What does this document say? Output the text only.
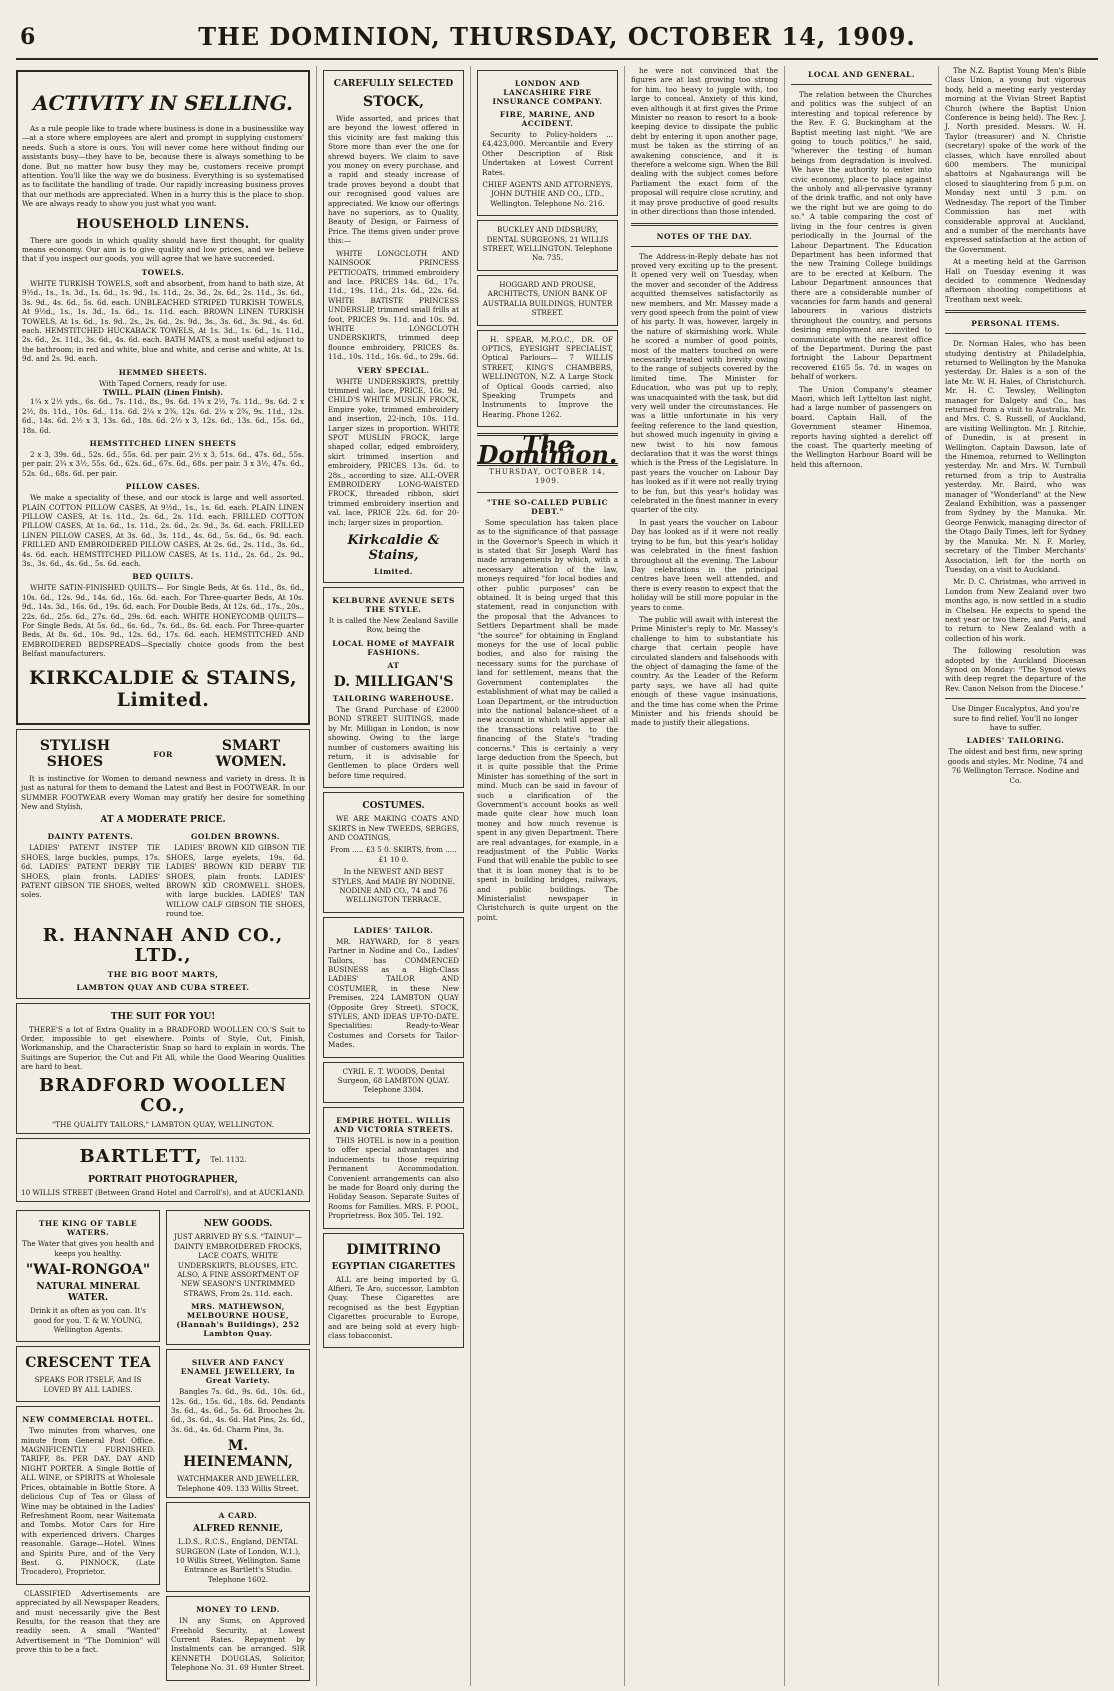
6	THE DOMINION, THURSDAY, OCTOBER 14, 1909.
ACTIVITY IN SELLING.

As a rule people like to trade where business is done in a businesslike way—at a store where employees are alert and prompt in supplying customers' needs. Such a store is ours. You will never come here without finding our assistants busy—they have to be, because there is always something to be done. But no matter how busy they may be, customers receive prompt attention. You'll like the way we do business. Everything is so systematised as to facilitate the handling of trade. Our rapidly increasing business proves that our methods are appreciated. When in a hurry this is the place to shop. We are always ready to show you just what you want.

HOUSEHOLD LINENS.

There are goods in which quality should have first thought, for quality means economy. Our aim is to give quality and low prices, and we believe that if you inspect our goods, you will agree that we have succeeded.

TOWELS.

WHITE TURKISH TOWELS, soft and absorbent, from hand to bath size, At 9½d., 1s., 1s. 3d., 1s. 6d., 1s. 9d., 1s. 11d., 2s. 3d., 2s. 6d., 2s. 11d., 3s. 6d., 3s. 9d., 4s. 6d., 5s. 6d. each. UNBLEACHED STRIPED TURKISH TOWELS, At 9½d., 1s., 1s. 3d., 1s. 6d., 1s. 11d. each. BROWN LINEN TURKISH TOWELS, At 1s. 6d., 1s. 9d., 2s., 2s. 6d., 2s. 9d., 3s., 3s. 6d., 3s. 9d., 4s. 6d. each. HEMSTITCHED HUCKABACK TOWELS, At 1s. 3d., 1s. 6d., 1s. 11d., 2s. 6d., 2s. 11d., 3s. 6d., 4s. 6d. each. BATH MATS, a most useful adjunct to the bathroom; in red and white, blue and white, and cerise and white, At 1s. 9d. and 2s. 9d. each.

HEMMED SHEETS.
With Taped Corners, ready for use.
TWILL. PLAIN (Linen Finish).

1¼ x 2½ yds., 6s. 6d., 7s. 11d., 8s., 9s. 6d. 1¾ x 2½, 7s. 11d., 9s. 6d. 2 x 2½, 8s. 11d., 10s. 6d., 11s. 6d. 2¼ x 2¾, 12s. 6d. 2¼ x 2¾, 9s. 11d., 12s. 6d., 14s. 6d. 2½ x 3, 13s. 6d., 18s. 6d. 2½ x 3, 12s. 6d., 13s. 6d., 15s. 6d., 18s. 6d.

HEMSTITCHED LINEN SHEETS

2 x 3, 39s. 6d., 52s. 6d., 55s. 6d. per pair. 2½ x 3, 51s. 6d., 47s. 6d., 55s. per pair. 2¼ x 3½, 55s. 6d., 62s. 6d., 67s. 6d., 68s. per pair. 3 x 3½, 47s. 6d., 52s. 6d., 68s. 6d. per pair.

PILLOW CASES.

We make a speciality of these, and our stock is large and well assorted. PLAIN COTTON PILLOW CASES, At 9½d., 1s., 1s. 6d. each. PLAIN LINEN PILLOW CASES, At 1s. 11d., 2s. 6d., 2s. 11d. each. FRILLED COTTON PILLOW CASES, At 1s. 6d., 1s. 11d., 2s. 6d., 2s. 9d., 3s. 6d. each. FRILLED LINEN PILLOW CASES, At 3s. 6d., 3s. 11d., 4s. 6d., 5s. 6d., 6s. 9d. each. FRILLED AND EMBROIDERED PILLOW CASES, At 2s. 6d., 2s. 11d., 3s. 6d., 4s. 6d. each. HEMSTITCHED PILLOW CASES, At 1s. 11d., 2s. 6d., 2s. 9d., 3s., 3s. 6d., 4s. 6d., 5s. 6d. each.

BED QUILTS.

WHITE SATIN-FINISHED QUILTS— For Single Beds, At 6s. 11d., 8s. 6d., 10s. 6d., 12s. 9d., 14s. 6d., 16s. 6d. each. For Three-quarter Beds, At 10s. 9d., 14s. 3d., 16s. 6d., 19s. 6d. each. For Double Beds, At 12s. 6d., 17s., 20s., 22s. 6d., 25s. 6d., 27s. 6d., 29s. 6d. each. WHITE HONEYCOMB QUILTS— For Single Beds, At 5s. 6d., 6s. 6d., 7s. 6d., 8s. 6d. each. For Three-quarter Beds, At 8s. 6d., 10s. 9d., 12s. 6d., 17s. 6d. each. HEMSTITCHED AND EMBROIDERED BEDSPREADS—Specially choice goods from the best Belfast manufacturers.

KIRKCALDIE & STAINS, Limited.
STYLISH SHOES	FOR
SMART WOMEN.

It is instinctive for Women to demand newness and variety in dress. It is just as natural for them to demand the Latest and Best in FOOTWEAR. In our SUMMER FOOTWEAR every Woman may gratify her desire for something New and Stylish,

AT A MODERATE PRICE.
DAINTY PATENTS.

LADIES' PATENT INSTEP TIE SHOES, large buckles, pumps, 17s. 6d. LADIES' PATENT DERBY TIE SHOES, plain fronts. LADIES' PATENT GIBSON TIE SHOES, welted soles.

GOLDEN BROWNS.

LADIES' BROWN KID GIBSON TIE SHOES, large eyelets, 19s. 6d. LADIES' BROWN KID DERBY TIE SHOES, plain fronts. LADIES' BROWN KID CROMWELL SHOES, with large buckles. LADIES' TAN WILLOW CALF GIBSON TIE SHOES, round toe.

R. HANNAH AND CO., LTD.,
THE BIG BOOT MARTS,
LAMBTON QUAY AND CUBA STREET.
THE SUIT FOR YOU!

THERE'S a lot of Extra Quality in a BRADFORD WOOLLEN CO.'S Suit to Order, impossible to get elsewhere. Points of Style, Cut, Finish, Workmanship, and the Characteristic Snap so hard to explain in words. The Suitings are Superior, the Cut and Fit All, while the Good Wearing Qualities are hard to beat.

BRADFORD WOOLLEN CO.,
"THE QUALITY TAILORS," LAMBTON QUAY, WELLINGTON.
BARTLETT, Tel. 1132.
PORTRAIT PHOTOGRAPHER,
10 WILLIS STREET (Between Grand Hotel and Carroll's), and at AUCKLAND.
THE KING OF TABLE WATERS.

The Water that gives you health and keeps you healthy.

"WAI-RONGOA"
NATURAL MINERAL WATER.

Drink it as often as you can. It's good for you. T. & W. YOUNG, Wellington Agents.

CRESCENT TEA

SPEAKS FOR ITSELF, And IS LOVED BY ALL LADIES.

NEW COMMERCIAL HOTEL.

Two minutes from wharves, one minute from General Post Office. MAGNIFICENTLY FURNISHED. TARIFF, 8s. PER DAY. DAY AND NIGHT PORTER. A Single Bottle of ALL WINE, or SPIRITS at Wholesale Prices, obtainable in Bottle Store. A delicious Cup of Tea or Glass of Wine may be obtained in the Ladies' Refreshment Room, near Waitemata and Tombs. Motor Cars for Hire with experienced drivers. Charges reasonable. Garage—Hotel. Wines and Spirits Pure, and of the Very Best. G. PINNOCK, (Late Trocadero), Proprietor.

CLASSIFIED Advertisements are appreciated by all Newspaper Readers, and must necessarily give the Best Results, for the reason that they are readily seen. A small "Wanted" Advertisement in "The Dominion" will prove this to be a fact.

NEW GOODS.

JUST ARRIVED BY S.S. "TAINUI"— DAINTY EMBROIDERED FROCKS, LACE COATS, WHITE UNDERSKIRTS, BLOUSES, ETC. ALSO, A FINE ASSORTMENT OF NEW SEASON'S UNTRIMMED STRAWS, From 2s. 11d. each.

MRS. MATHEWSON, MELBOURNE HOUSE, (Hannah's Buildings), 252 Lambton Quay.
SILVER AND FANCY ENAMEL JEWELLERY, In Great Variety.

Bangles 7s. 6d., 9s. 6d., 10s. 6d., 12s. 6d., 15s. 6d., 18s. 6d. Pendants 3s. 6d., 4s. 6d., 5s. 6d. Brooches 2s. 6d., 3s. 6d., 4s. 6d. Hat Pins, 2s. 6d., 3s. 6d., 4s. 6d. Charm Pins, 3s.

M. HEINEMANN,
WATCHMAKER AND JEWELLER, Telephone 409. 133 Willis Street.
A CARD.
ALFRED RENNIE,

L.D.S., R.C.S., England, DENTAL SURGEON (Late of London, W.1.), 10 Willis Street, Wellington. Same Entrance as Bartlett's Studio. Telephone 1602.

MONEY TO LEND.

IN any Sums, on Approved Freehold Security, at Lowest Current Rates. Repayment by Instalments can be arranged. SIR KENNETH DOUGLAS, Solicitor, Telephone No. 31. 69 Hunter Street.

CAREFULLY SELECTED
STOCK,

Wide assorted, and prices that are beyond the lowest offered in this vicinity are fast making this Store more than ever the one for shrewd buyers. We claim to save you money on every purchase, and a rapid and steady increase of trade proves beyond a doubt that our recognised good values are appreciated. We know our offerings have no superiors, as to Quality, Beauty of Design, or Fairness of Price. The items given under prove this:—

WHITE LONGCLOTH AND NAINSOOK PRINCESS PETTICOATS, trimmed embroidery and lace. PRICES 14s. 6d., 17s. 11d., 19s. 11d., 21s. 6d., 22s. 6d. WHITE BATISTE PRINCESS UNDERSLIP, trimmed small frills at foot, PRICES 9s. 11d. and 10s. 9d. WHITE LONGCLOTH UNDERSKIRTS, trimmed deep flounce embroidery, PRICES 8s. 11d., 10s. 11d., 16s. 6d., to 29s. 6d.

VERY SPECIAL.

WHITE UNDERSKIRTS, prettily trimmed val. lace, PRICE, 16s. 9d. CHILD'S WHITE MUSLIN FROCK, Empire yoke, trimmed embroidery and insertion, 22-inch, 10s. 11d. Larger sizes in proportion. WHITE SPOT MUSLIN FROCK, large shaped collar, edged embroidery, skirt trimmed insertion and embroidery, PRICES 13s. 6d. to 28s., according to size. ALL-OVER EMBROIDERY LONG-WAISTED FROCK, threaded ribbon, skirt trimmed embroidery insertion and val. lace, PRICE 22s. 6d. for 20-inch; larger sizes in proportion.

Kirkcaldie & Stains,
Limited.
KELBURNE AVENUE SETS THE STYLE.

It is called the New Zealand Saville Row, being the

LOCAL HOME of MAYFAIR FASHIONS.
AT
D. MILLIGAN'S
TAILORING WAREHOUSE.

The Grand Purchase of £2000 BOND STREET SUITINGS, made by Mr. Milligan in London, is now showing. Owing to the large number of customers awaiting his return, it is advisable for Gentlemen to place Orders well before time required.

COSTUMES.

WE ARE MAKING COATS AND SKIRTS in New TWEEDS, SERGES, AND COATINGS,

From ..... £3 5 0. SKIRTS, from ..... £1 10 0.

In the NEWEST AND BEST STYLES, And MADE BY NODINE. NODINE AND CO., 74 and 76 WELLINGTON TERRACE.

LADIES' TAILOR.

MR. HAYWARD, for 8 years Partner in Nodine and Co., Ladies' Tailors, has COMMENCED BUSINESS as a High-Class LADIES' TAILOR AND COSTUMIER, in these New Premises, 224 LAMBTON QUAY (Opposite Grey Street). STOCK, STYLES, AND IDEAS UP-TO-DATE. Specialities: Ready-to-Wear Costumes and Corsets for Tailor-Mades.

CYRIL E. T. WOODS, Dental Surgeon, 68 LAMBTON QUAY. Telephone 3304.

EMPIRE HOTEL. WILLIS AND VICTORIA STREETS.

THIS HOTEL is now in a position to offer special advantages and inducements to those requiring Permanent Accommodation. Convenient arrangements can also be made for Board only during the Holiday Season. Separate Suites of Rooms for Families. MRS. F. POOL, Proprietress. Box 305. Tel. 192.

DIMITRINO
EGYPTIAN CIGARETTES

ALL are being imported by G. Alfieri, Te Aro, successor, Lambton Quay. These Cigarettes are recognised as the best Egyptian Cigarettes procurable to Europe, and are being sold at every high-class tobacconist.

LONDON AND LANCASHIRE FIRE INSURANCE COMPANY.
FIRE, MARINE, AND ACCIDENT.

Security to Policy-holders ... £4,423,000. Mercantile and Every Other Description of Risk Undertaken at Lowest Current Rates.

CHIEF AGENTS AND ATTORNEYS, JOHN DUTHIE AND CO., LTD., Wellington. Telephone No. 216.

BUCKLEY AND DIDSBURY, DENTAL SURGEONS, 21 WILLIS STREET, WELLINGTON. Telephone No. 735.

HOGGARD AND PROUSE, ARCHITECTS, UNION BANK OF AUSTRALIA BUILDINGS, HUNTER STREET.

H. SPEAR, M.P.O.C., DR. OF OPTICS, EYESIGHT SPECIALIST, Optical Parlours— 7 WILLIS STREET, KING'S CHAMBERS, WELLINGTON, N.Z. A Large Stock of Optical Goods carried, also Speaking Trumpets and Instruments to Improve the Hearing. Phone 1262.

The Dominion.
THURSDAY, OCTOBER 14, 1909.
"THE SO-CALLED PUBLIC DEBT."

Some speculation has taken place as to the significance of that passage in the Governor's Speech in which it is stated that Sir Joseph Ward has made arrangements by which, with a necessary alteration of the law, moneys required "for local bodies and other public purposes" can be obtained. It is being urged that this statement, read in conjunction with the proposal that the Advances to Settlers Department shall be made "the source" for obtaining in England moneys for the use of local public bodies, and also for raising the necessary sums for the purchase of land for settlement, means that the Government contemplates the establishment of what may be called a Loan Department, or the introduction into the national balance-sheet of a new account in which will appear all the transactions relative to the financing of the State's "trading concerns." This is certainly a very large deduction from the Speech, but it is quite possible that the Prime Minister has something of the sort in mind. Much can be said in favour of such a clarification of the Government's account books as well made quite clear how much loan money and how much revenue is spent in any given Department. There are real advantages, for example, in a readjustment of the Public Works Fund that will enable the public to see that it is loan money that is to be spent in building bridges, railways, and public buildings. The Ministerialist newspaper in Christchurch is quite urgent on the point.

he were not convinced that the figures are at last growing too strong for him, too heavy to juggle with, too large to conceal. Anxiety of this kind, even although it at first gives the Prime Minister no reason to resort to a book-keeping device to dissipate the public debt by entering it upon another page, must be taken as the stirring of an awakening conscience, and it is therefore a welcome sign. When the Bill dealing with the subject comes before Parliament the exact form of the proposal will require close scrutiny, and it may prove productive of good results in other directions than those intended.

NOTES OF THE DAY.

The Address-in-Reply debate has not proved very exciting up to the present. It opened very well on Tuesday, when the mover and seconder of the Address acquitted themselves satisfactorily as new members, and Mr. Massey made a very good speech from the point of view of his party. It was, however, largely in the nature of skirmishing work. While he scored a number of good points, most of the matters touched on were necessarily treated with brevity owing to the range of subjects covered by the limited time. The Minister for Education, who was put up to reply, was unacquainted with the task, but did very well under the circumstances. He was a little unfortunate in his very feeling reference to the land question, but showed much ingenuity in giving a new twist to his now famous declaration that it was the worst things which is the Press of the Legislature. In past years the voucher on Labour Day has looked as if it were not really trying to be fun, but this year's holiday was celebrated in the finest manner in every quarter of the city.

In past years the voucher on Labour Day has looked as if it were not really trying to be fun, but this year's holiday was celebrated in the finest fashion throughout all the evening. The Labour Day celebrations in the principal centres have been well attended, and there is every reason to expect that the holiday will be still more popular in the years to come.

The public will await with interest the Prime Minister's reply to Mr. Massey's challenge to him to substantiate his charge that certain people have circulated slanders and falsehoods with the object of damaging the fame of the country. As the Leader of the Reform party says, we have all had quite enough of these vague insinuations, and the time has come when the Prime Minister and his friends should be made to justify their allegations.

LOCAL AND GENERAL.

The relation between the Churches and politics was the subject of an interesting and topical reference by the Rev. F. G. Buckingham at the Baptist meeting last night. "We are going to touch politics," he said, "wherever the testing of human beings from degradation is involved. We have the authority to enter into civic economy, place to place against the unholy and all-pervasive tyranny of the drink traffic, and not only have we the right but we are going to do so." A table comparing the cost of living in the four centres is given periodically in the Journal of the Labour Department. The Education Department has been informed that the new Training College buildings are to be erected at Kelburn. The Labour Department announces that there are a considerable number of vacancies for farm hands and general labourers in various districts throughout the country, and persons desiring employment are invited to communicate with the nearest office of the Department. During the past fortnight the Labour Department recovered £165 5s. 7d. in wages on behalf of workers.

The Union Company's steamer Maori, which left Lyttelton last night, had a large number of passengers on board. Captain Hall, of the Government steamer Hinemoa, reports having sighted a derelict off the coast. The quarterly meeting of the Wellington Harbour Board will be held this afternoon.

The N.Z. Baptist Young Men's Bible Class Union, a young but vigorous body, held a meeting early yesterday morning at the Vivian Street Baptist Church (where the Baptist Union Conference is being held). The Rev. J. J. North presided. Messrs. W. H. Taylor (treasurer) and N. Christie (secretary) spoke of the work of the classes, which have enrolled about 600 members. The municipal abattoirs at Ngahauranga will be closed to slaughtering from 5 p.m. on Monday next until 3 p.m. on Wednesday. The report of the Timber Commission has met with considerable approval at Auckland, and a number of the merchants have expressed satisfaction at the action of the Government.

At a meeting held at the Garrison Hall on Tuesday evening it was decided to commence Wednesday afternoon shooting competitions at Trentham next week.

PERSONAL ITEMS.

Dr. Norman Hales, who has been studying dentistry at Philadelphia, returned to Wellington by the Manuka yesterday. Dr. Hales is a son of the late Mr. W. H. Hales, of Christchurch. Mr. H. C. Tewsley, Wellington manager for Dalgety and Co., has returned from a visit to Australia. Mr. and Mrs. C. S. Russell, of Auckland, are visiting Wellington. Mr. J. Ritchie, of Dunedin, is at present in Wellington. Captain Dawson, late of the Hinemoa, returned to Wellington yesterday. Mr. and Mrs. W. Turnbull returned from a trip to Australia yesterday. Mr. Baird, who was manager of "Wonderland" at the New Zealand Exhibition, was a passenger from Sydney by the Manuka. Mr. George Fenwick, managing director of the Otago Daily Times, left for Sydney by the Manuka. Mr. N. F. Morley, secretary of the Timber Merchants' Association, left for the north on Tuesday, on a visit to Auckland.

Mr. D. C. Christmas, who arrived in London from New Zealand over two months ago, is now settled in a studio in Chelsea. He expects to spend the next year or two there, and Paris, and to return to New Zealand with a collection of his work.

The following resolution was adopted by the Auckland Diocesan Synod on Monday: "The Synod views with deep regret the departure of the Rev. Canon Nelson from the Diocese."

Use Dinger Eucalyptus, And you're sure to find relief. You'll no longer have to suffer.

LADIES' TAILORING.

The oldest and best firm, new spring goods and styles. Mr. Nodine, 74 and 76 Wellington Terrace. Nodine and Co.
